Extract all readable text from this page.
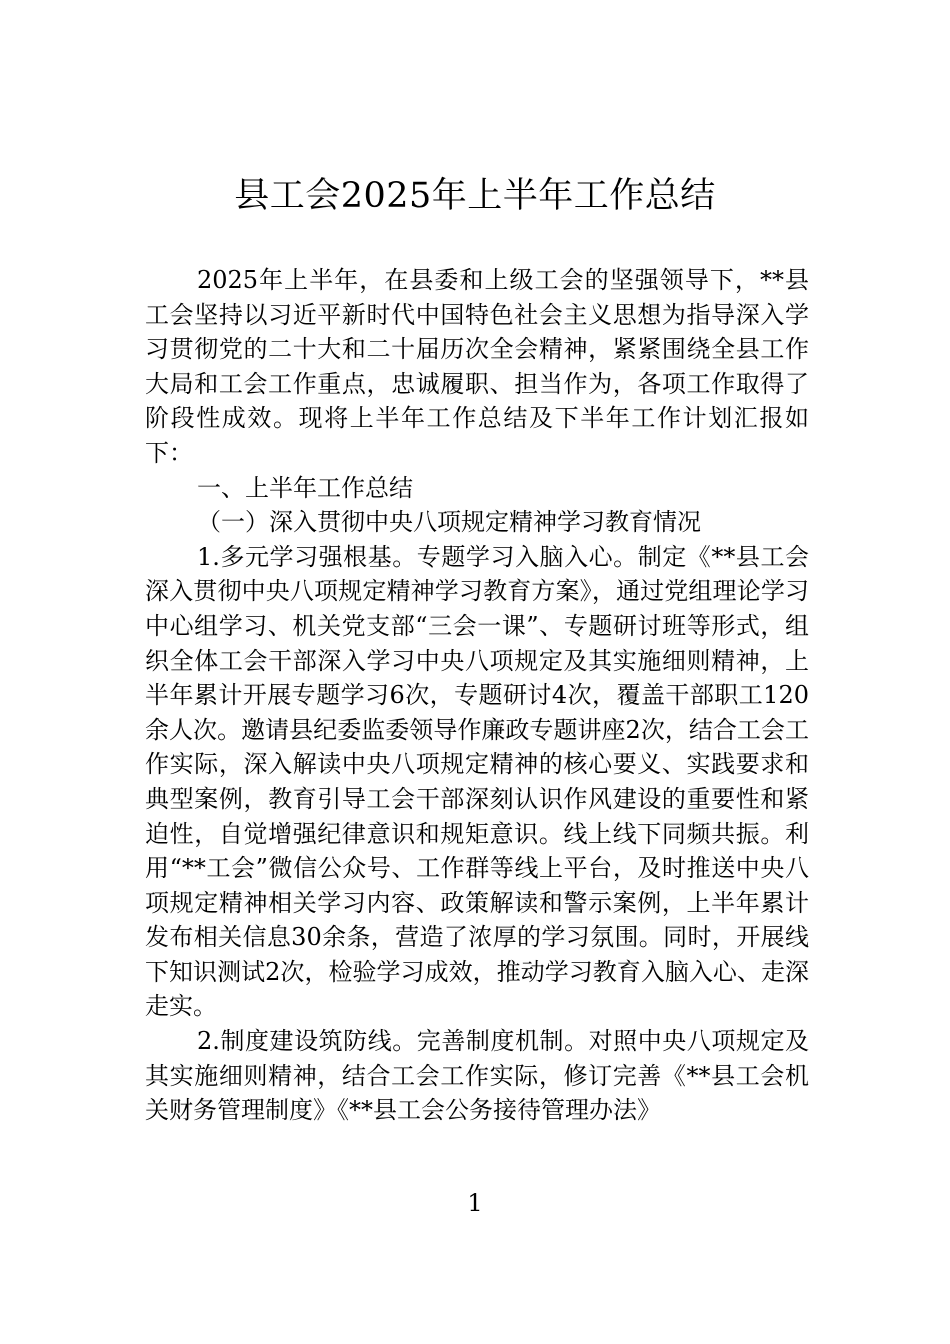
县工会2025年上半年工作总结

2025年上半年，在县委和上级工会的坚强领导下，**县工会坚持以习近平新时代中国特色社会主义思想为指导深入学习贯彻党的二十大和二十届历次全会精神，紧紧围绕全县工作大局和工会工作重点，忠诚履职、担当作为，各项工作取得了阶段性成效。现将上半年工作总结及下半年工作计划汇报如下：

一、上半年工作总结

（一）深入贯彻中央八项规定精神学习教育情况

1.多元学习强根基。专题学习入脑入心。制定《**县工会深入贯彻中央八项规定精神学习教育方案》，通过党组理论学习中心组学习、机关党支部“三会一课”、专题研讨班等形式，组织全体工会干部深入学习中央八项规定及其实施细则精神，上半年累计开展专题学习6次，专题研讨4次，覆盖干部职工120余人次。邀请县纪委监委领导作廉政专题讲座2次，结合工会工作实际，深入解读中央八项规定精神的核心要义、实践要求和典型案例，教育引导工会干部深刻认识作风建设的重要性和紧迫性，自觉增强纪律意识和规矩意识。线上线下同频共振。利用“**工会”微信公众号、工作群等线上平台，及时推送中央八项规定精神相关学习内容、政策解读和警示案例，上半年累计发布相关信息30余条，营造了浓厚的学习氛围。同时，开展线下知识测试2次，检验学习成效，推动学习教育入脑入心、走深走实。

2.制度建设筑防线。完善制度机制。对照中央八项规定及其实施细则精神，结合工会工作实际，修订完善《**县工会机关财务管理制度》《**县工会公务接待管理办法》

1
